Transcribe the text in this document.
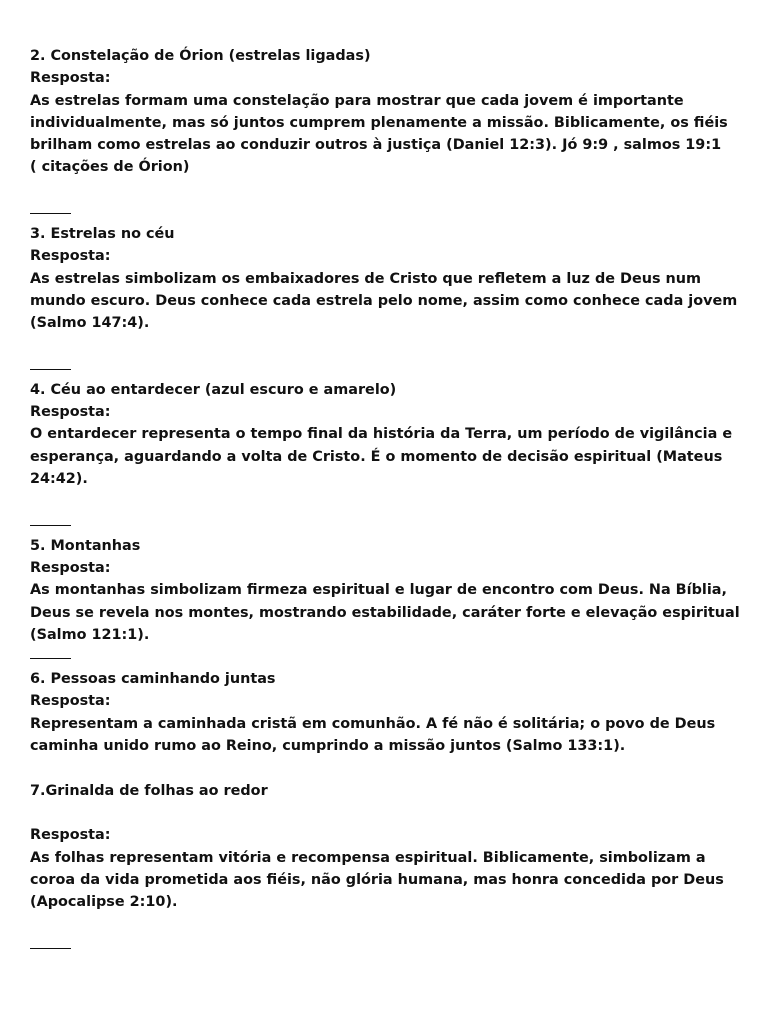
2. Constelação de Órion (estrelas ligadas)
Resposta:
As estrelas formam uma constelação para mostrar que cada jovem é importante
individualmente, mas só juntos cumprem plenamente a missão. Biblicamente, os fiéis
brilham como estrelas ao conduzir outros à justiça (Daniel 12:3). Jó 9:9 , salmos 19:1
( citações de Órion)
3. Estrelas no céu
Resposta:
As estrelas simbolizam os embaixadores de Cristo que refletem a luz de Deus num
mundo escuro. Deus conhece cada estrela pelo nome, assim como conhece cada jovem
(Salmo 147:4).
4. Céu ao entardecer (azul escuro e amarelo)
Resposta:
O entardecer representa o tempo final da história da Terra, um período de vigilância e
esperança, aguardando a volta de Cristo. É o momento de decisão espiritual (Mateus
24:42).
5. Montanhas
Resposta:
As montanhas simbolizam firmeza espiritual e lugar de encontro com Deus. Na Bíblia,
Deus se revela nos montes, mostrando estabilidade, caráter forte e elevação espiritual
(Salmo 121:1).
6. Pessoas caminhando juntas
Resposta:
Representam a caminhada cristã em comunhão. A fé não é solitária; o povo de Deus
caminha unido rumo ao Reino, cumprindo a missão juntos (Salmo 133:1).
7.Grinalda de folhas ao redor
Resposta:
As folhas representam vitória e recompensa espiritual. Biblicamente, simbolizam a
coroa da vida prometida aos fiéis, não glória humana, mas honra concedida por Deus
(Apocalipse 2:10).
